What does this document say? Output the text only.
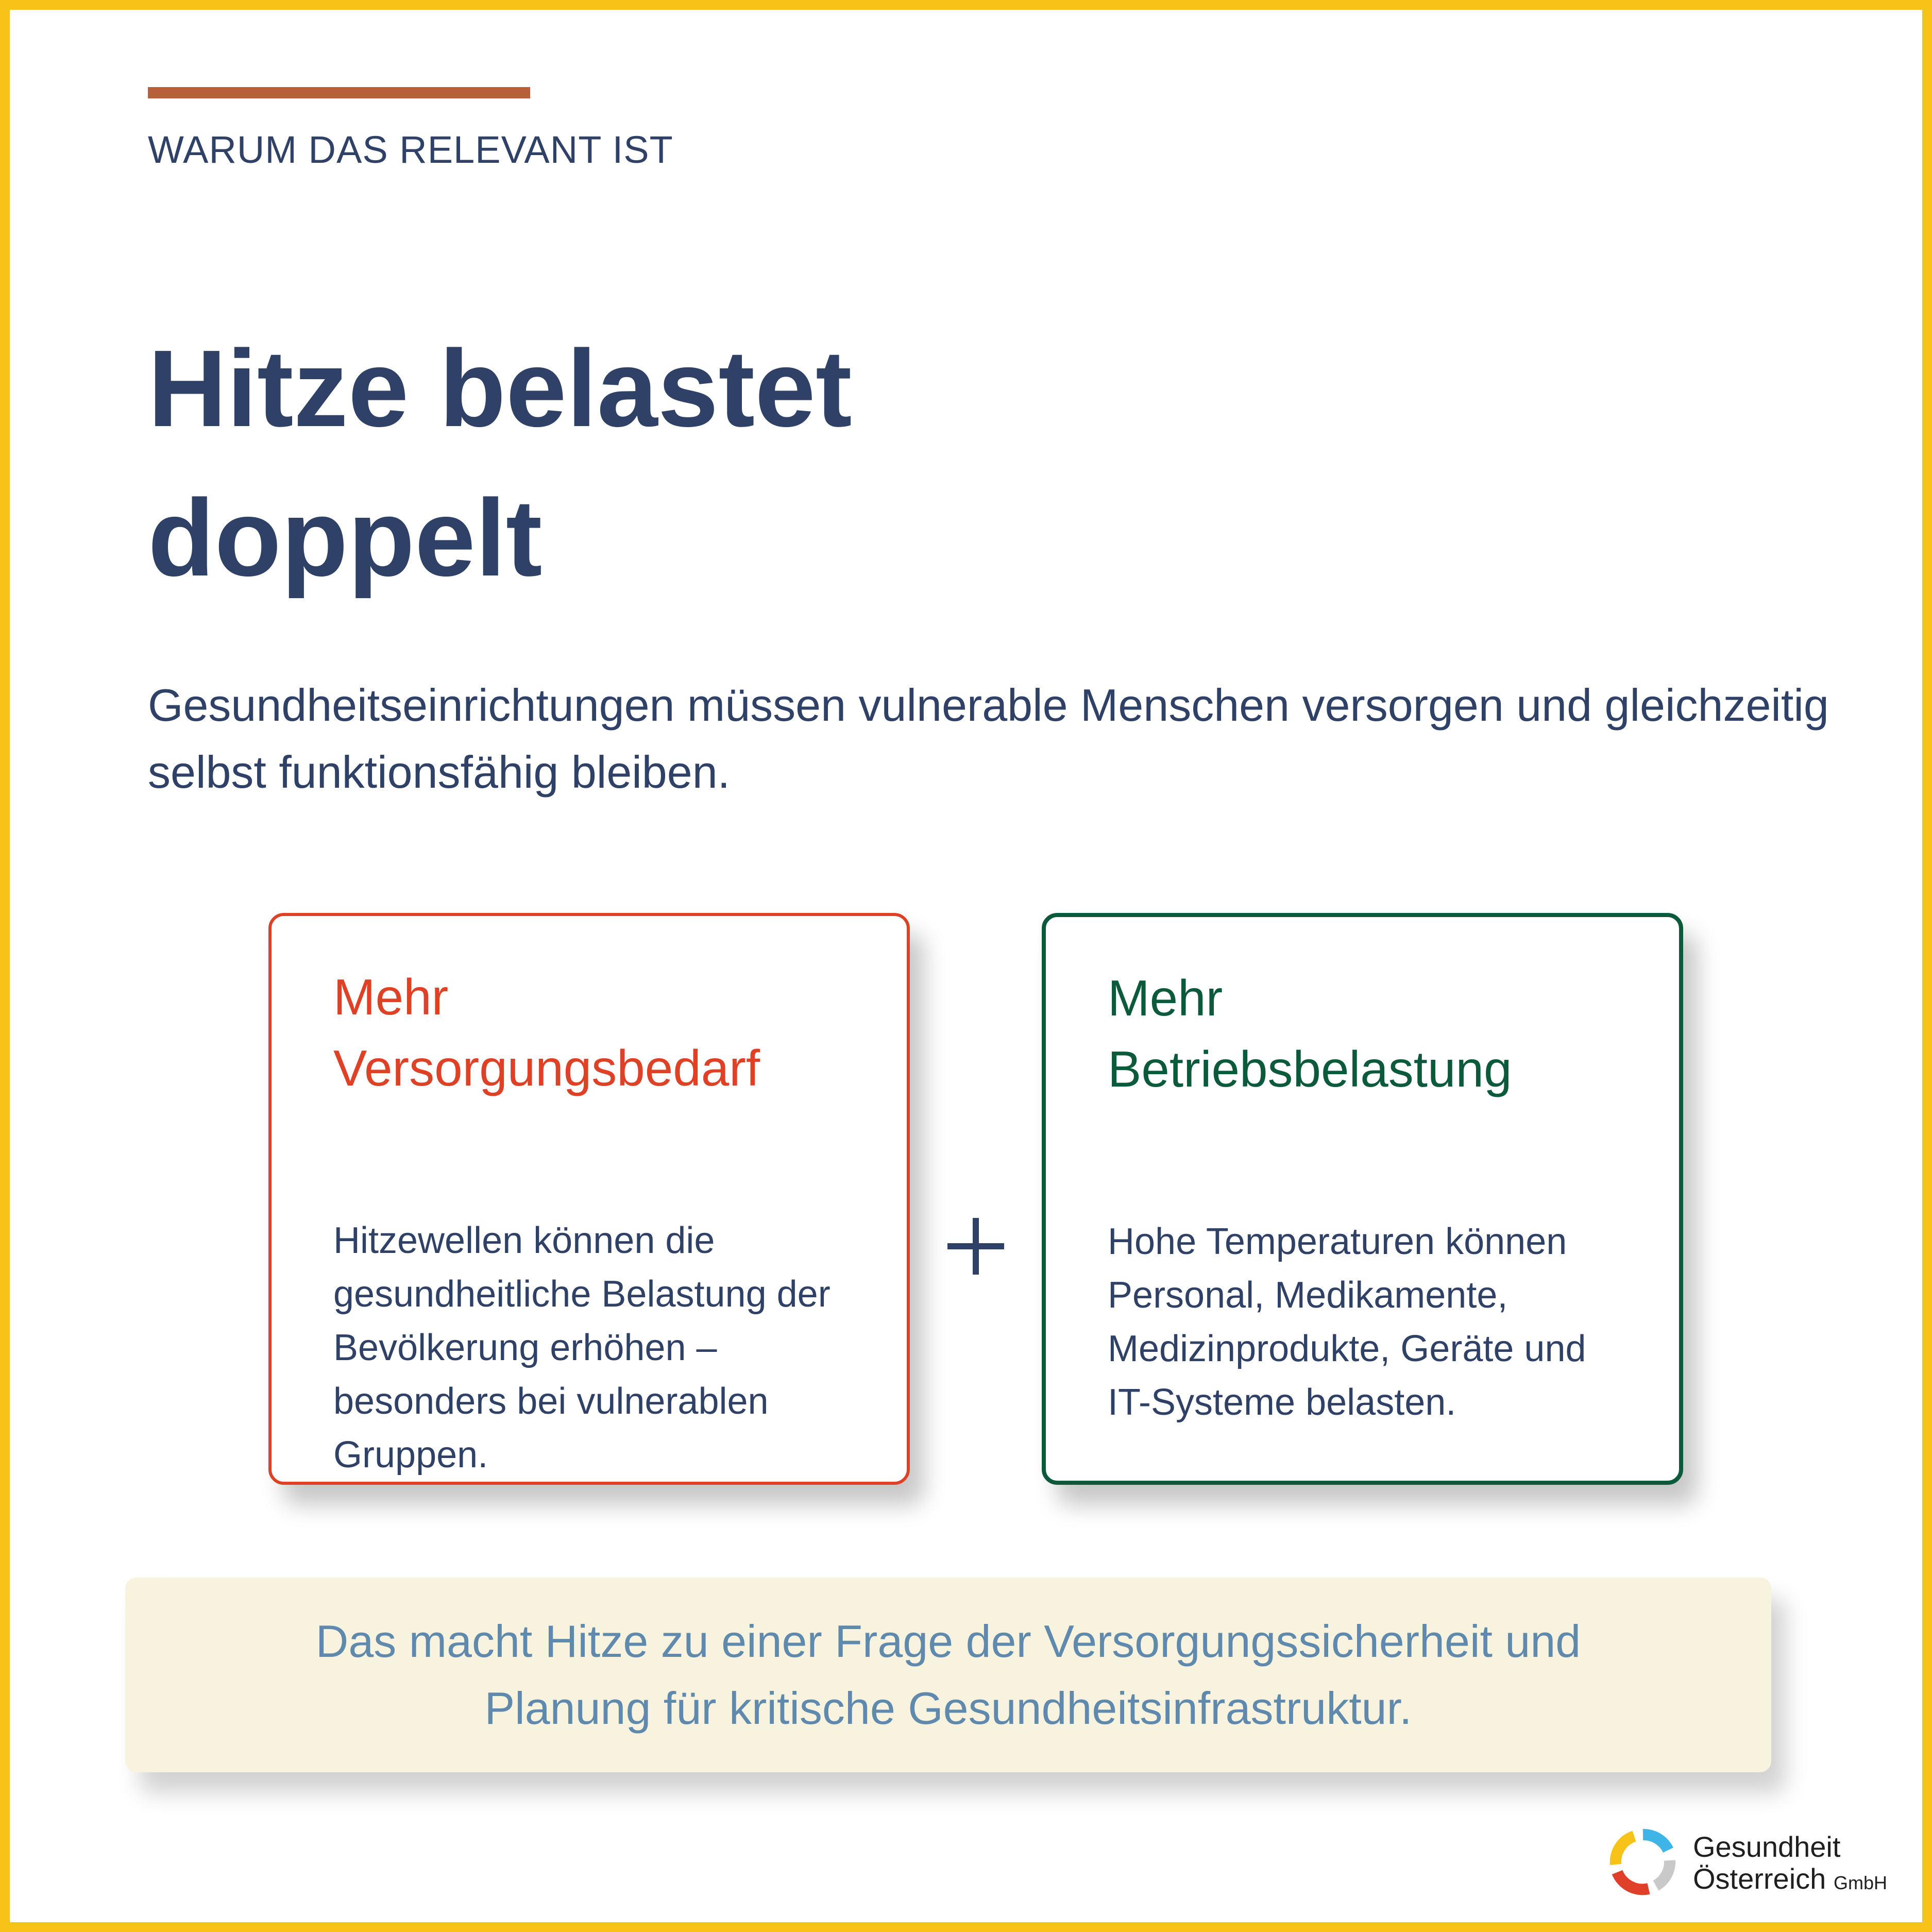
WARUM DAS RELEVANT IST
Hitze belastet
doppelt

Gesundheitseinrichtungen müssen vulnerable Menschen versorgen und gleichzeitig selbst funktionsfähig bleiben.

Mehr
Versorgungsbedarf

Hitzewellen können die gesundheitliche Belastung der Bevölkerung erhöhen – besonders bei vulnerablen Gruppen.

Mehr
Betriebsbelastung

Hohe Temperaturen können Personal, Medikamente, Medizinprodukte, Geräte und IT-Systeme belasten.

Das macht Hitze zu einer Frage der Versorgungssicherheit und Planung für kritische Gesundheitsinfrastruktur.

Gesundheit
Österreich GmbH
